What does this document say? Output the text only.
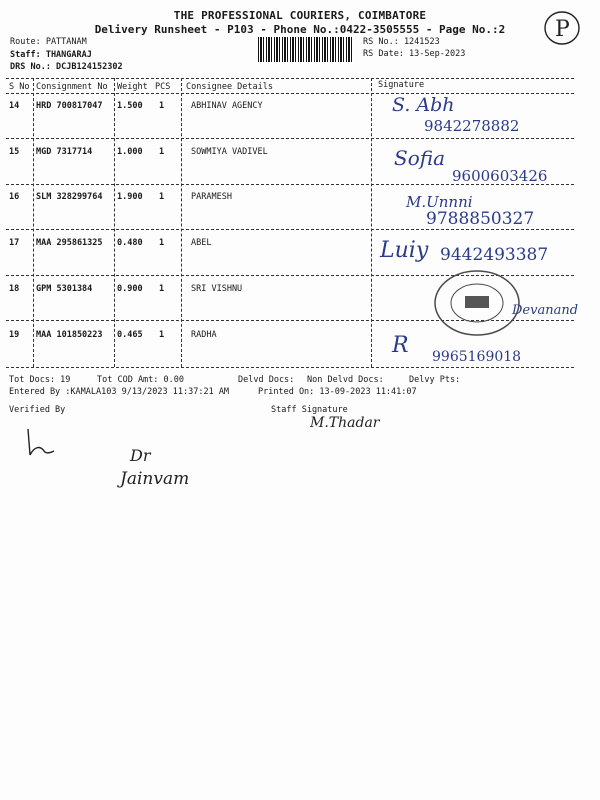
THE PROFESSIONAL COURIERS, COIMBATORE
Delivery Runsheet - P103 - Phone No.:0422-3505555 - Page No.:2	P
Route: PATTANAM
Staff: THANGARAJ
DRS No.: DCJB124152302
RS No.: 1241523
RS Date: 13-Sep-2023
S No Consignment No Weight PCS Consignee Details	Signature
14 HRD 700817047 1.500 1	ABHINAV AGENCY	S. Abh
9842278882
15 MGD 7317714	1.000 1	SOWMIYA VADIVEL	Sofia
9600603426
16 SLM 328299764 1.900 1	PARAMESH	M.Unnni
9788850327
17 MAA 295861325 0.480 1	ABEL	Luiy 9442493387
18 GPM 5301384	0.900 1	SRI VISHNU
Devanand
19 MAA 101850223 0.465 1	RADHA	R 9965169018
Tot Docs: 19	Tot COD Amt: 0.00	Delvd Docs: Non Delvd Docs:	Delvy Pts:
Entered By :KAMALA103 9/13/2023 11:37:21 AM	Printed On: 13-09-2023 11:41:07
Verified By	Staff Signature
M.Thadar
Dr
Jainvam
